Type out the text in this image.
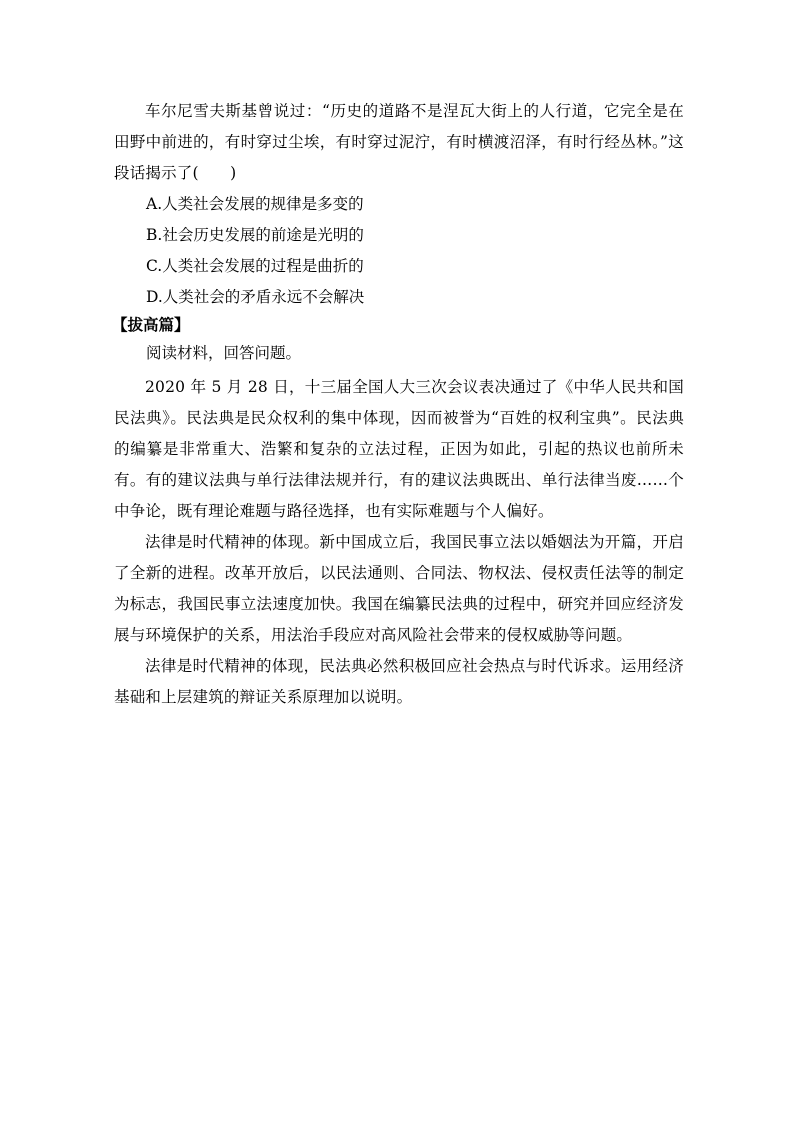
车尔尼雪夫斯基曾说过：“历史的道路不是涅瓦大街上的人行道，它完全是在田野中前进的，有时穿过尘埃，有时穿过泥泞，有时横渡沼泽，有时行经丛林。”这段话揭示了(　　)

A.人类社会发展的规律是多变的

B.社会历史发展的前途是光明的

C.人类社会发展的过程是曲折的

D.人类社会的矛盾永远不会解决

【拔高篇】

阅读材料，回答问题。

2020 年 5 月 28 日，十三届全国人大三次会议表决通过了《中华人民共和国民法典》。民法典是民众权利的集中体现，因而被誉为“百姓的权利宝典”。民法典的编纂是非常重大、浩繁和复杂的立法过程，正因为如此，引起的热议也前所未有。有的建议法典与单行法律法规并行，有的建议法典既出、单行法律当废……个中争论，既有理论难题与路径选择，也有实际难题与个人偏好。

法律是时代精神的体现。新中国成立后，我国民事立法以婚姻法为开篇，开启了全新的进程。改革开放后，以民法通则、合同法、物权法、侵权责任法等的制定为标志，我国民事立法速度加快。我国在编纂民法典的过程中，研究并回应经济发展与环境保护的关系，用法治手段应对高风险社会带来的侵权威胁等问题。

法律是时代精神的体现，民法典必然积极回应社会热点与时代诉求。运用经济基础和上层建筑的辩证关系原理加以说明。
